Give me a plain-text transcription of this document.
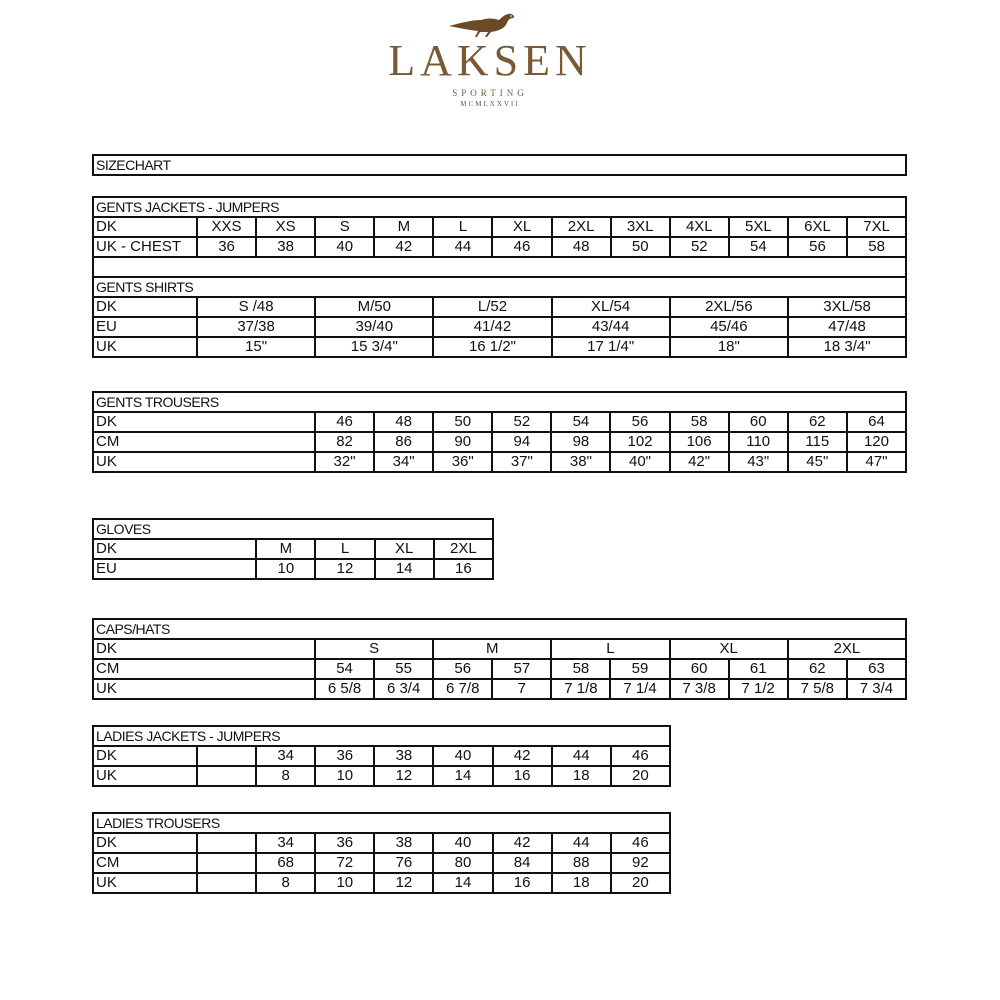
LAKSEN
SPORTING
MCMLXXVII
SIZECHART
GENTS JACKETS - JUMPERS												
DK	XXS	XS	S	M	L	XL	2XL	3XL	4XL	5XL	6XL	7XL
UK - CHEST	36	38	40	42	44	46	48	50	52	54	56	58

GENTS SHIRTS												
DK	S /48		M/50		L/52		XL/54		2XL/56		3XL/58	
EU	37/38		39/40		41/42		43/44		45/46		47/48	
UK	15"		15 3/4"		16 1/2"		17 1/4"		18"		18 3/4"	
GENTS TROUSERS										
DK	46	48	50	52	54	56	58	60	62	64
CM	82	86	90	94	98	102	106	110	115	120
UK	32"	34"	36"	37"	38"	40"	42"	43"	45"	47"
GLOVES				
DK	M	L	XL	2XL
EU	10	12	14	16
CAPS/HATS										
DK	S		M		L		XL		2XL	
CM	54	55	56	57	58	59	60	61	62	63
UK	6 5/8	6 3/4	6 7/8	7	7 1/8	7 1/4	7 3/8	7 1/2	7 5/8	7 3/4
LADIES JACKETS - JUMPERS								
DK		34	36	38	40	42	44	46
UK		8	10	12	14	16	18	20
LADIES TROUSERS								
DK		34	36	38	40	42	44	46
CM		68	72	76	80	84	88	92
UK		8	10	12	14	16	18	20
